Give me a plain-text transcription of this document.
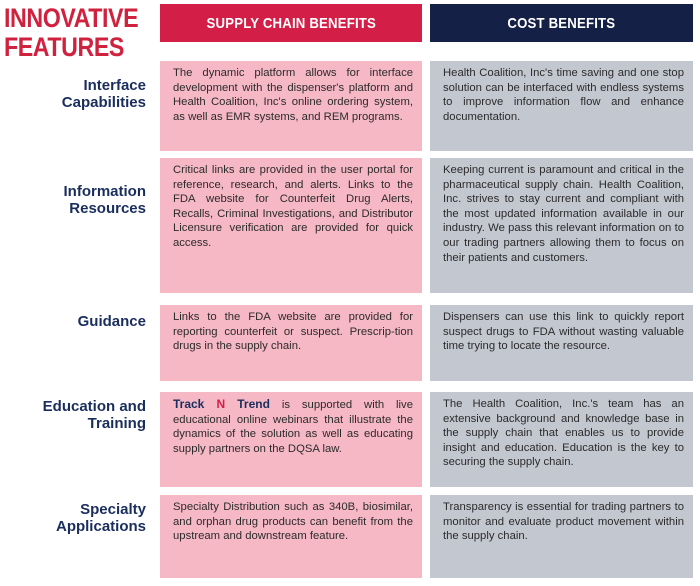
INNOVATIVE
FEATURES
SUPPLY CHAIN BENEFITS	COST BENEFITS
Interface
Capabilities
The dynamic platform allows for interface development with the dispenser's platform and Health Coalition, Inc's online ordering system, as well as EMR systems, and REM programs.
Health Coalition, Inc's time saving and one stop solution can be interfaced with endless systems to improve information flow and enhance documentation.
Information
Resources
Critical links are provided in the user portal for reference, research, and alerts. Links to the FDA website for Counterfeit Drug Alerts, Recalls, Criminal Investigations, and Distributor Licensure verification are provided for quick access.
Keeping current is paramount and critical in the pharmaceutical supply chain. Health Coalition, Inc. strives to stay current and compliant with the most updated information available in our industry. We pass this relevant information on to our trading partners allowing them to focus on their patients and customers.
Guidance	Links to the FDA website are provided for reporting counterfeit or suspect. Prescrip-tion drugs in the supply chain.
Dispensers can use this link to quickly report suspect drugs to FDA without wasting valuable time trying to locate the resource.
Education and
Training
Track N Trend is supported with live educational online webinars that illustrate the dynamics of the solution as well as educating supply partners on the DQSA law.
The Health Coalition, Inc.'s team has an extensive background and knowledge base in the supply chain that enables us to provide insight and education. Education is the key to securing the supply chain.
Specialty
Applications
Specialty Distribution such as 340B, biosimilar, and orphan drug products can benefit from the upstream and downstream feature.
Transparency is essential for trading partners to monitor and evaluate product movement within the supply chain.
